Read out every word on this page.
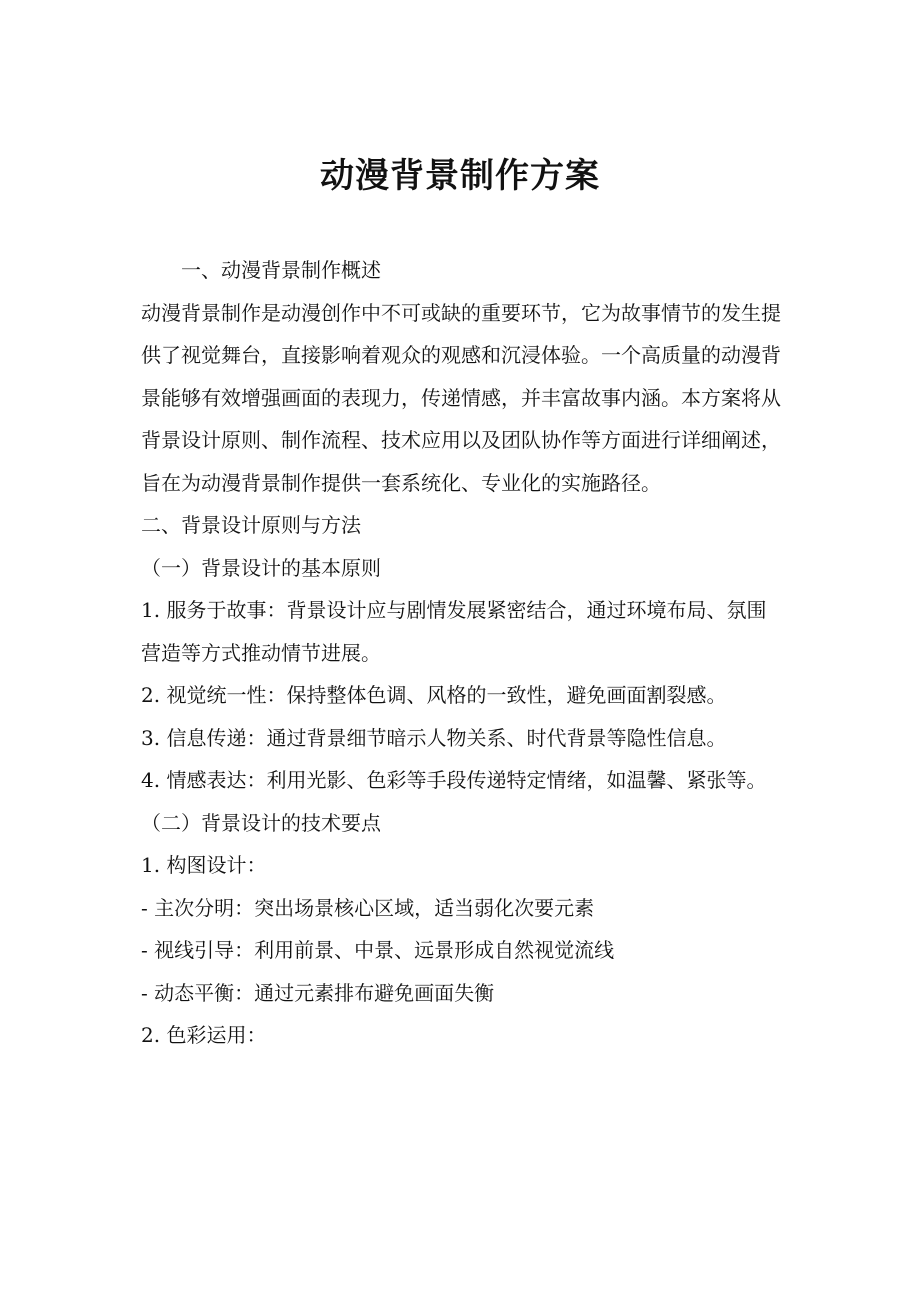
动漫背景制作方案

一、动漫背景制作概述

动漫背景制作是动漫创作中不可或缺的重要环节，它为故事情节的发生提供了视觉舞台，直接影响着观众的观感和沉浸体验。一个高质量的动漫背景能够有效增强画面的表现力，传递情感，并丰富故事内涵。本方案将从背景设计原则、制作流程、技术应用以及团队协作等方面进行详细阐述，旨在为动漫背景制作提供一套系统化、专业化的实施路径。

二、背景设计原则与方法

（一）背景设计的基本原则

1. 服务于故事：背景设计应与剧情发展紧密结合，通过环境布局、氛围营造等方式推动情节进展。

2. 视觉统一性：保持整体色调、风格的一致性，避免画面割裂感。

3. 信息传递：通过背景细节暗示人物关系、时代背景等隐性信息。

4. 情感表达：利用光影、色彩等手段传递特定情绪，如温馨、紧张等。

（二）背景设计的技术要点

1. 构图设计：

- 主次分明：突出场景核心区域，适当弱化次要元素

- 视线引导：利用前景、中景、远景形成自然视觉流线

- 动态平衡：通过元素排布避免画面失衡

2. 色彩运用：
